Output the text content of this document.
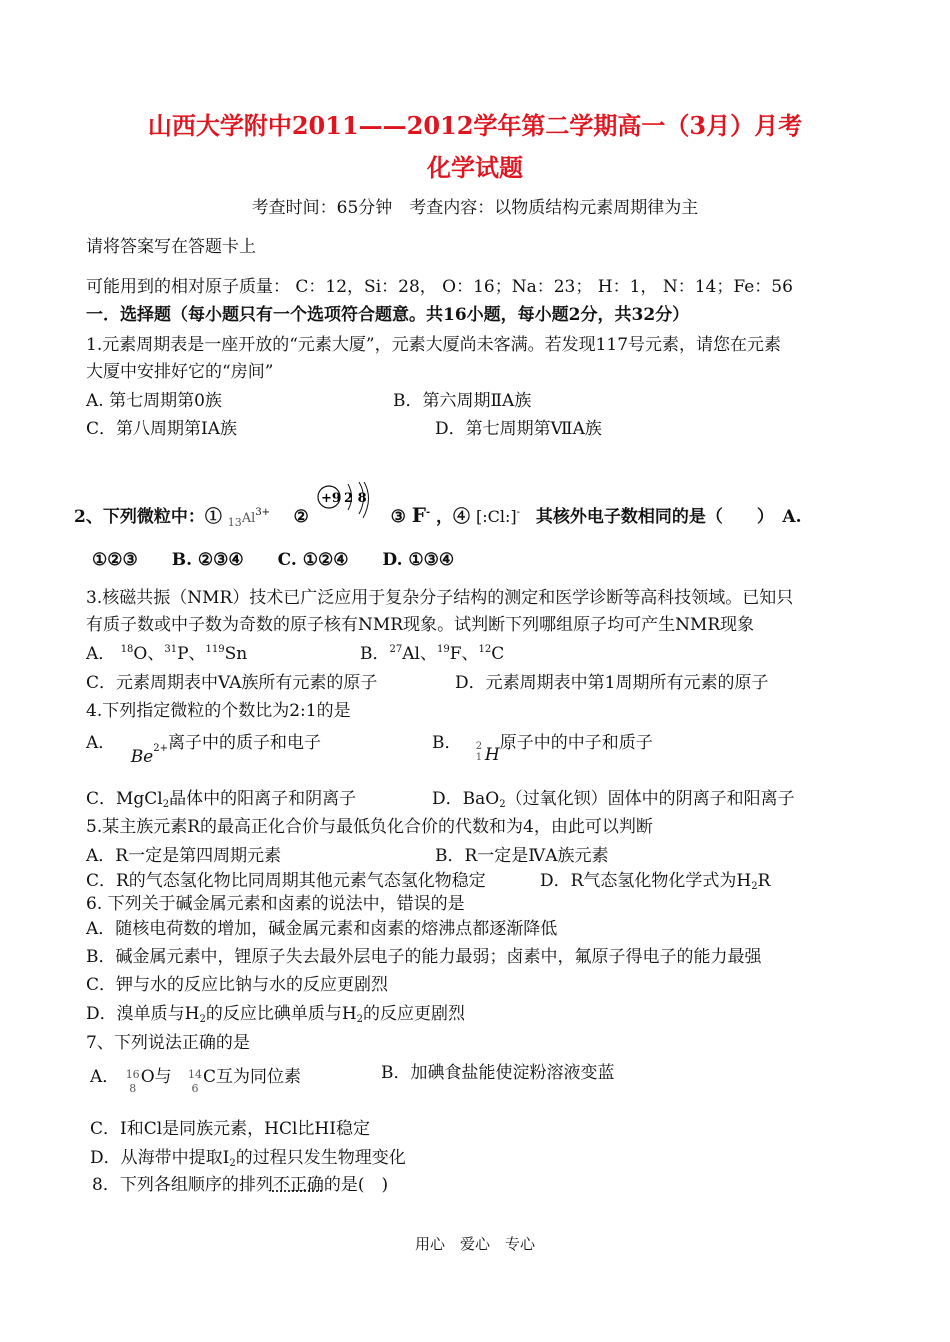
山西大学附中2011——2012学年第二学期高一（3月）月考
化学试题
考查时间：65分钟　考查内容：以物质结构元素周期律为主
请将答案写在答题卡上
可能用到的相对原子质量： C：12，Si：28， O：16；Na：23； H：1， N：14；Fe：56
一．选择题（每小题只有一个选项符合题意。共16小题，每小题2分，共32分）
1.元素周期表是一座开放的“元素大厦”，元素大厦尚未客满。若发现117号元素，请您在元素
大厦中安排好它的“房间”
A. 第七周期第0族	B．第六周期ⅡA族
C．第八周期第ⅠA族	D．第七周期第ⅦA族
2、下列微粒中：① $_{13}Al^{3+}$ ②
+9 2 8
③ F- ，④ [:Cl:]- 其核外电子数相同的是（　　）　A.
①②③　　B. ②③④　　C. ①②④　　D. ①③④
3.核磁共振（NMR）技术已广泛应用于复杂分子结构的测定和医学诊断等高科技领域。已知只
有质子数或中子数为奇数的原子核有NMR现象。试判断下列哪组原子均可产生NMR现象
A． $^{18}$O、$^{31}$P、$^{119}$Sn	B．$^{27}$Al、$^{19}$F、$^{12}$C
C．元素周期表中VA族所有元素的原子	D．元素周期表中第1周期所有元素的原子
4.下列指定微粒的个数比为2:1的是
A． $Be^{2+}$离子中的质子和电子	B． 2
1 H原子中的中子和质子
C．MgCl2晶体中的阳离子和阴离子	D．BaO2（过氧化钡）固体中的阴离子和阳离子
5.某主族元素R的最高正化合价与最低负化合价的代数和为4，由此可以判断
A．R一定是第四周期元素	B．R一定是ⅣA族元素
C．R的气态氢化物比同周期其他元素气态氢化物稳定	D．R气态氢化物化学式为H2R
6. 下列关于碱金属元素和卤素的说法中，错误的是
A．随核电荷数的增加，碱金属元素和卤素的熔沸点都逐渐降低
B．碱金属元素中，锂原子失去最外层电子的能力最弱；卤素中，氟原子得电子的能力最强
C．钾与水的反应比钠与水的反应更剧烈
D．溴单质与H2的反应比碘单质与H2的反应更剧烈
7、下列说法正确的是
A． 16
8O与 14
6C互为同位素	B．加碘食盐能使淀粉溶液变蓝
C．I和Cl是同族元素，HCl比HI稳定
D．从海带中提取I2的过程只发生物理变化
8．下列各组顺序的排列不正确的是(　)
用心　爱心　专心
